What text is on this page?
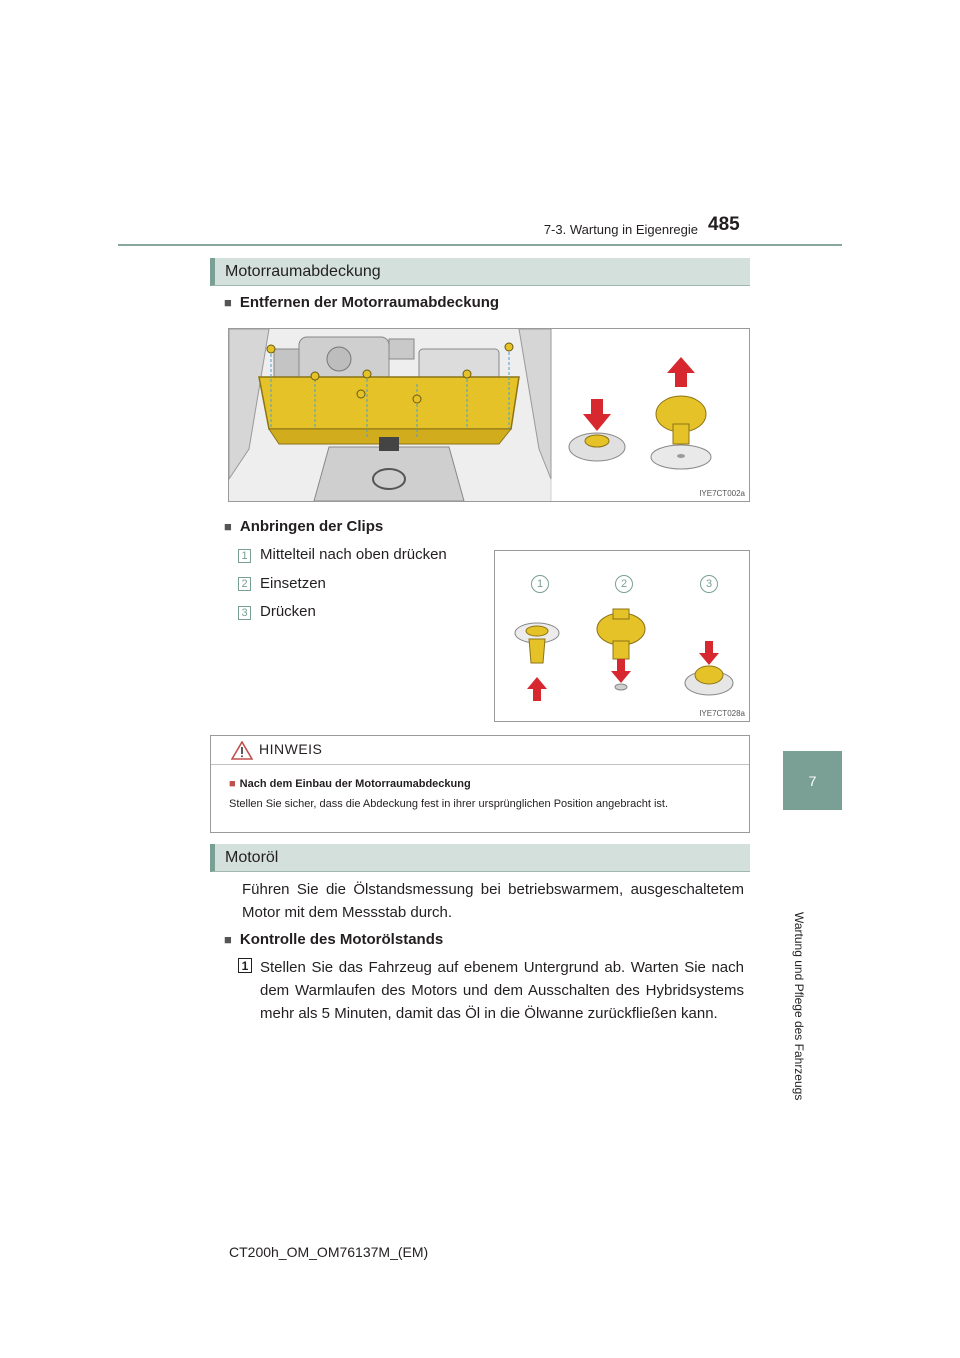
7-3. Wartung in Eigenregie 485
7
Wartung und Pflege des Fahrzeugs
Motorraumabdeckung
■ Entfernen der Motorraumabdeckung
IYE7CT002a
■ Anbringen der Clips
1 Mittelteil nach oben drücken
2 Einsetzen
3 Drücken
1	2	3
IYE7CT028a
HINWEIS
■ Nach dem Einbau der Motorraumabdeckung
Stellen Sie sicher, dass die Abdeckung fest in ihrer ursprünglichen Position angebracht ist.
Motoröl
Führen Sie die Ölstandsmessung bei betriebswarmem, ausgeschaltetem Motor mit dem Messstab durch.
■ Kontrolle des Motorölstands
1 Stellen Sie das Fahrzeug auf ebenem Untergrund ab. Warten Sie nach dem Warmlaufen des Motors und dem Ausschalten des Hybridsystems mehr als 5 Minuten, damit das Öl in die Ölwanne zurückfließen kann.
CT200h_OM_OM76137M_(EM)
